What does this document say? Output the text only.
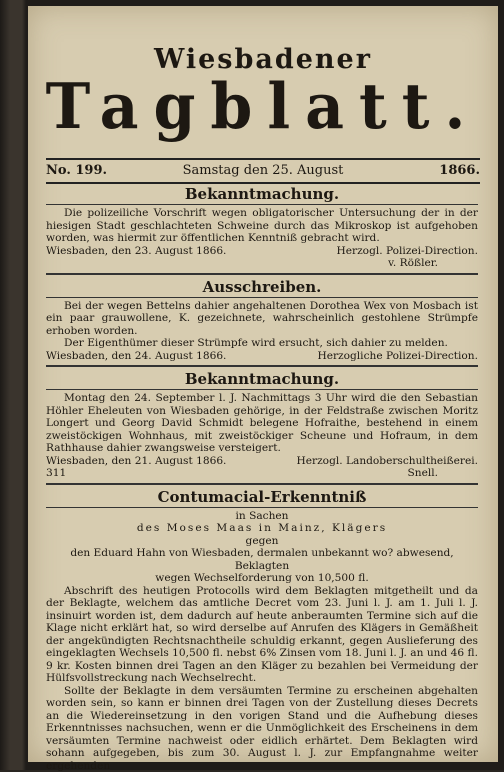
Wiesbadener
Tagblatt.
No. 199.	Samstag den 25. August	1866.
Bekanntmachung.

Die polizeiliche Vorschrift wegen obligatorischer Untersuchung der in der hiesigen Stadt geschlachteten Schweine durch das Mikroskop ist aufgehoben worden, was hiermit zur öffentlichen Kenntniß gebracht wird.

Wiesbaden, den 23. August 1866.	Herzogl. Polizei-Direction.
v. Rößler.
Ausschreiben.

Bei der wegen Bettelns dahier angehaltenen Dorothea Wex von Mosbach ist ein paar grauwollene, K. gezeichnete, wahrscheinlich gestohlene Strümpfe erhoben worden.

Der Eigenthümer dieser Strümpfe wird ersucht, sich dahier zu melden.

Wiesbaden, den 24. August 1866.	Herzogliche Polizei-Direction.
Bekanntmachung.

Montag den 24. September l. J. Nachmittags 3 Uhr wird die den Sebastian Höhler Eheleuten von Wiesbaden gehörige, in der Feldstraße zwischen Moritz Longert und Georg David Schmidt belegene Hofraithe, bestehend in einem zweistöckigen Wohnhaus, mit zweistöckiger Scheune und Hofraum, in dem Rathhause dahier zwangsweise versteigert.

Wiesbaden, den 21. August 1866.	Herzogl. Landoberschultheißerei.
311	Snell.
Contumacial-Erkenntniß
in Sachen
des Moses Maas in Mainz, Klägers
gegen
den Eduard Hahn von Wiesbaden, dermalen unbekannt wo? abwesend,
Beklagten
wegen Wechselforderung von 10,500 fl.

Abschrift des heutigen Protocolls wird dem Beklagten mitgetheilt und da der Beklagte, welchem das amtliche Decret vom 23. Juni l. J. am 1. Juli l. J. insinuirt worden ist, dem dadurch auf heute anberaumten Termine sich auf die Klage nicht erklärt hat, so wird derselbe auf Anrufen des Klägers in Gemäßheit der angekündigten Rechtsnachtheile schuldig erkannt, gegen Auslieferung des eingeklagten Wechsels 10,500 fl. nebst 6% Zinsen vom 18. Juni l. J. an und 46 fl. 9 kr. Kosten binnen drei Tagen an den Kläger zu bezahlen bei Vermeidung der Hülfsvollstreckung nach Wechselrecht.

Sollte der Beklagte in dem versäumten Termine zu erscheinen abgehalten worden sein, so kann er binnen drei Tagen von der Zustellung dieses Decrets an die Wiedereinsetzung in den vorigen Stand und die Aufhebung dieses Erkenntnisses nachsuchen, wenn er die Unmöglichkeit des Erscheinens in dem versäumten Termine nachweist oder eidlich erhärtet. Dem Beklagten wird sohann aufgegeben, bis zum 30. August l. J. zur Empfangnahme weiter ergehenden
